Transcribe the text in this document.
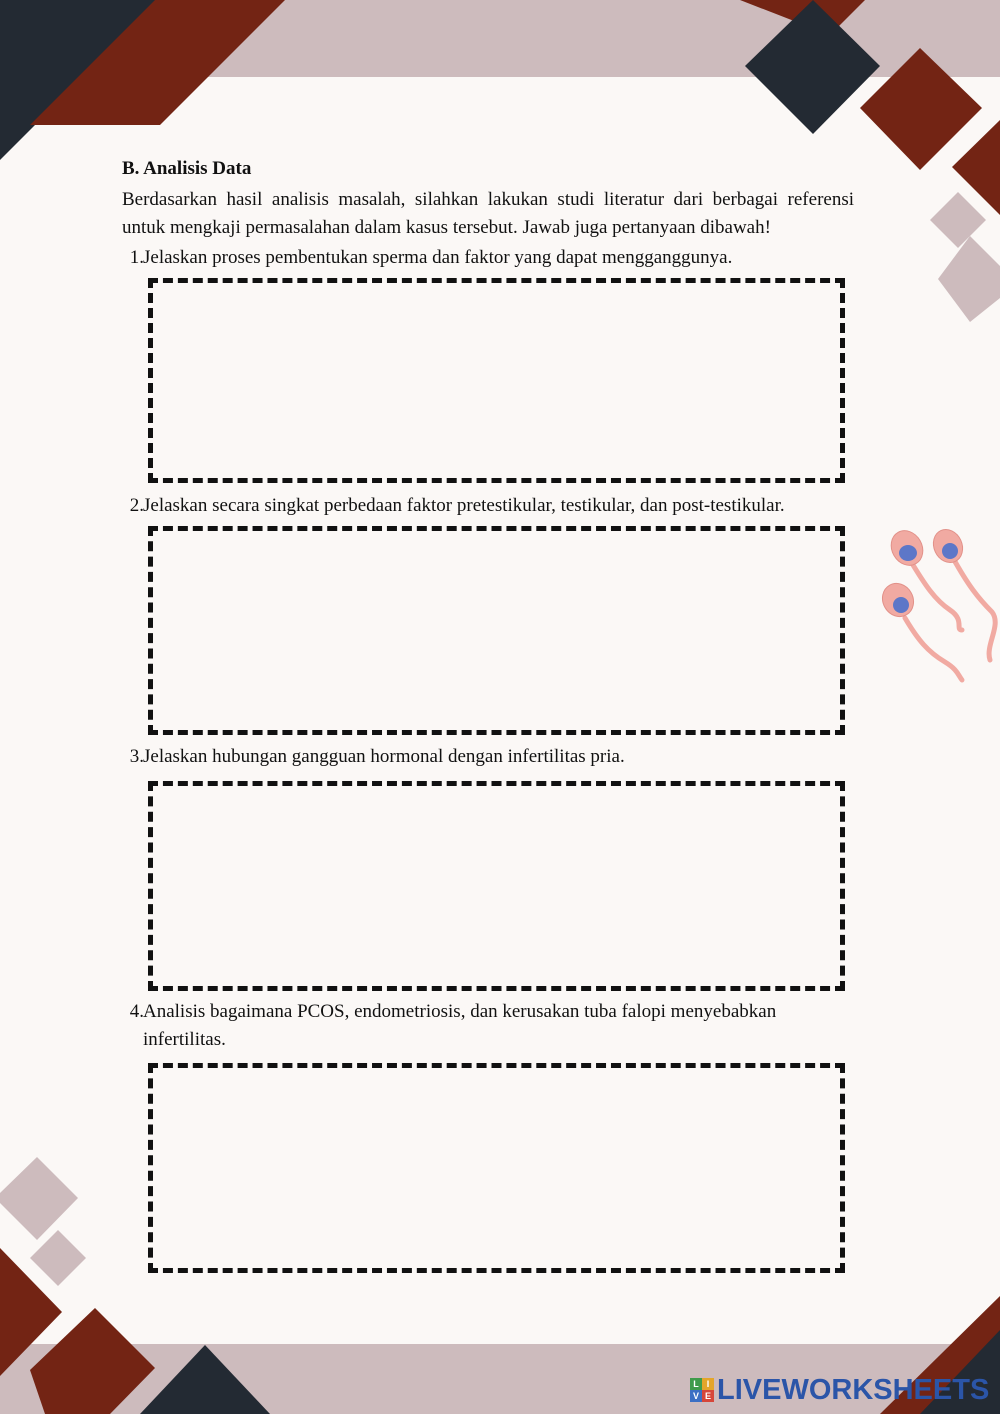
B. Analisis Data
Berdasarkan hasil analisis masalah, silahkan lakukan studi literatur dari berbagai referensi untuk mengkaji permasalahan dalam kasus tersebut. Jawab juga pertanyaan dibawah!
1. Jelaskan proses pembentukan sperma dan faktor yang dapat mengganggunya.
2. Jelaskan secara singkat perbedaan faktor pretestikular, testikular, dan post-testikular.
3. Jelaskan hubungan gangguan hormonal dengan infertilitas pria.
4. Analisis bagaimana PCOS, endometriosis, dan kerusakan tuba falopi menyebabkan infertilitas.
L I
V E LIVEWORKSHEETS
